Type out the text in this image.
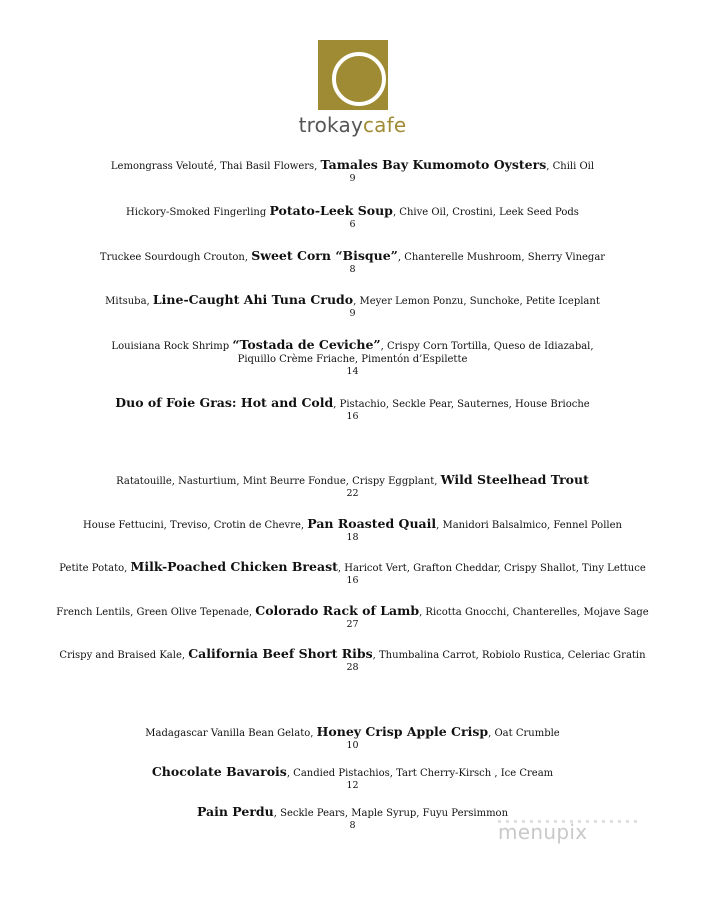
trokaycafe
Lemongrass Velouté, Thai Basil Flowers, Tamales Bay Kumomoto Oysters, Chili Oil
9
Hickory-Smoked Fingerling Potato-Leek Soup, Chive Oil, Crostini, Leek Seed Pods
6
Truckee Sourdough Crouton, Sweet Corn “Bisque”, Chanterelle Mushroom, Sherry Vinegar
8
Mitsuba, Line-Caught Ahi Tuna Crudo, Meyer Lemon Ponzu, Sunchoke, Petite Iceplant
9
Louisiana Rock Shrimp “Tostada de Ceviche”, Crispy Corn Tortilla, Queso de Idiazabal,
Piquillo Crème Friache, Pimentón d’Espilette
14
Duo of Foie Gras: Hot and Cold, Pistachio, Seckle Pear, Sauternes, House Brioche
16
Ratatouille, Nasturtium, Mint Beurre Fondue, Crispy Eggplant, Wild Steelhead Trout
22
House Fettucini, Treviso, Crotin de Chevre, Pan Roasted Quail, Manidori Balsalmico, Fennel Pollen
18
Petite Potato, Milk-Poached Chicken Breast, Haricot Vert, Grafton Cheddar, Crispy Shallot, Tiny Lettuce
16
French Lentils, Green Olive Tepenade, Colorado Rack of Lamb, Ricotta Gnocchi, Chanterelles, Mojave Sage
27
Crispy and Braised Kale, California Beef Short Ribs, Thumbalina Carrot, Robiolo Rustica, Celeriac Gratin
28
Madagascar Vanilla Bean Gelato, Honey Crisp Apple Crisp, Oat Crumble
10
Chocolate Bavarois, Candied Pistachios, Tart Cherry-Kirsch , Ice Cream
12
Pain Perdu, Seckle Pears, Maple Syrup, Fuyu Persimmon
8	menupix
